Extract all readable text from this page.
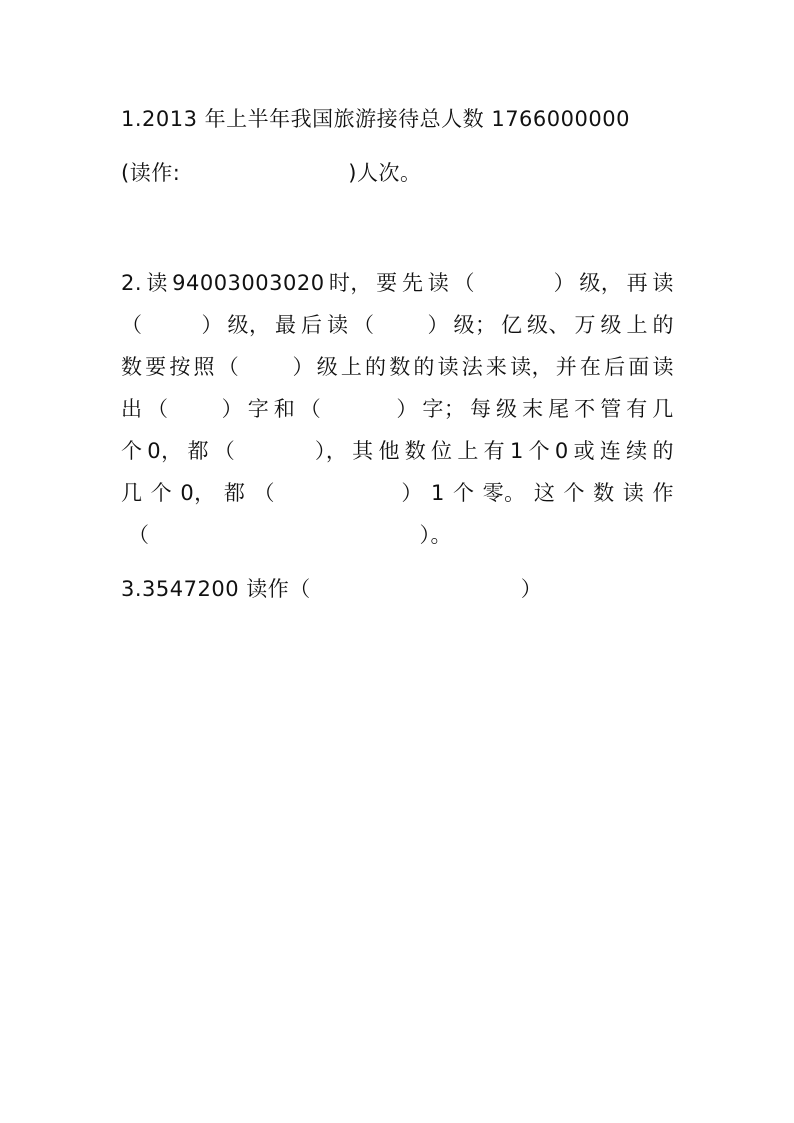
1.2013 年上半年我国旅游接待总人数 1766000000
(读作:	)人次。
2. 读 94003003020 时， 要 先 读 （	） 级， 再 读
（	） 级， 最 后 读 （	） 级； 亿 级、 万 级 上 的
数 要 按 照 （	） 级 上 的 数 的 读 法 来 读， 并 在 后 面 读
出 （	） 字 和 （	） 字； 每 级 末 尾 不 管 有 几
个 0， 都 （	）， 其 他 数 位 上 有 1 个 0 或 连 续 的
几 个 0， 都 （	） 1 个 零。 这 个 数 读 作
（	）。
3.3547200 读作（	）
